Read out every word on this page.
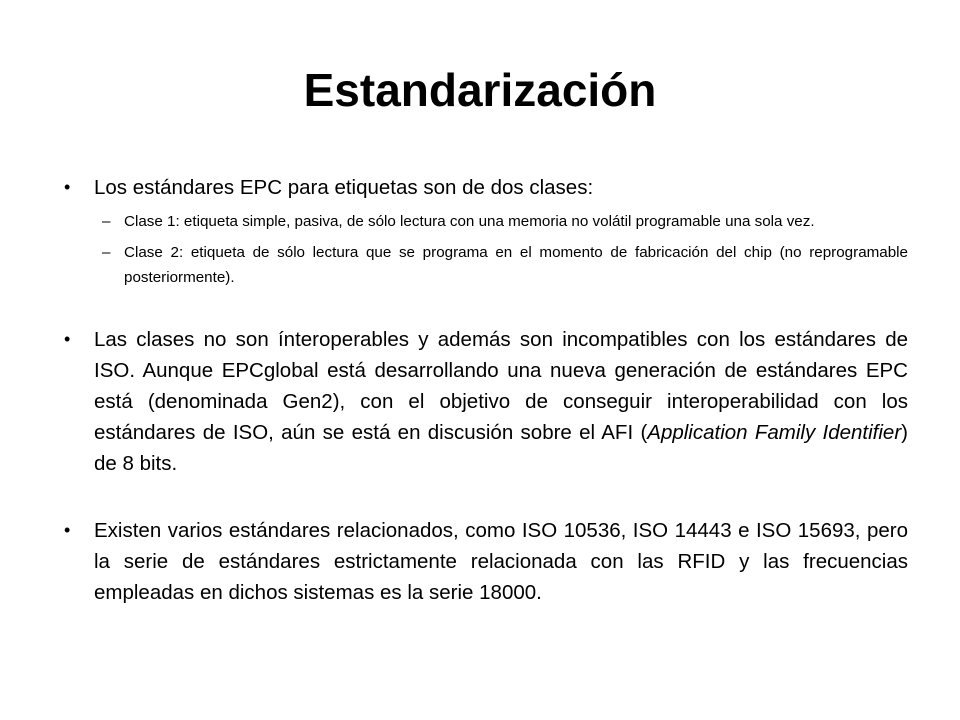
Estandarización
• Los estándares EPC para etiquetas son de dos clases:
– Clase 1: etiqueta simple, pasiva, de sólo lectura con una memoria no volátil programable una sola vez.
– Clase 2: etiqueta de sólo lectura que se programa en el momento de fabricación del chip (no reprogramable posteriormente).
• Las clases no son ínteroperables y además son incompatibles con los estándares de ISO. Aunque EPCglobal está desarrollando una nueva generación de estándares EPC está (denominada Gen2), con el objetivo de conseguir interoperabilidad con los estándares de ISO, aún se está en discusión sobre el AFI (Application Family Identifier) de 8 bits.
• Existen varios estándares relacionados, como ISO 10536, ISO 14443 e ISO 15693, pero la serie de estándares estrictamente relacionada con las RFID y las frecuencias empleadas en dichos sistemas es la serie 18000.
